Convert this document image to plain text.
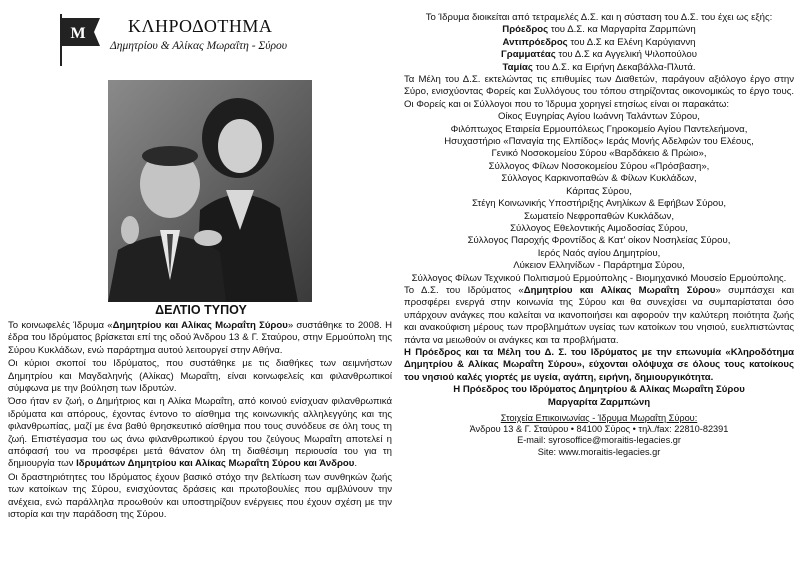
Μ ΚΛΗΡΟΔΟΤΗΜΑ
Δημητρίου & Αλίκας Μωραΐτη - Σύρου
ΔΕΛΤΙΟ ΤΥΠΟΥ

Το κοινωφελές Ίδρυμα «Δημητρίου και Αλίκας Μωραΐτη Σύρου» συστάθηκε το 2008. Η έδρα του Ιδρύματος βρίσκεται επί της οδού Άνδρου 13 & Γ. Σταύρου, στην Ερμούπολη της Σύρου Κυκλάδων, ενώ παράρτημα αυτού λειτουργεί στην Αθήνα.

Οι κύριοι σκοποί του Ιδρύματος, που συστάθηκε με τις διαθήκες των αειμνήστων Δημητρίου και Μαγδαληνής (Αλίκας) Μωραΐτη, είναι κοινωφελείς και φιλανθρωπικοί σύμφωνα με την βούληση των Ιδρυτών.

Όσο ήταν εν ζωή, ο Δημήτριος και η Αλίκα Μωραΐτη, από κοινού ενίσχυαν φιλανθρωπικά ιδρύματα και απόρους, έχοντας έντονο το αίσθημα της κοινωνικής αλληλεγγύης και της φιλανθρωπίας, μαζί με ένα βαθύ θρησκευτικό αίσθημα που τους συνόδευε σε όλη τους τη ζωή. Επιστέγασμα του ως άνω φιλανθρωπικού έργου του ζεύγους Μωραΐτη αποτελεί η απόφασή του να προσφέρει μετά θάνατον όλη τη διαθέσιμη περιουσία του για τη δημιουργία των Ιδρυμάτων Δημητρίου και Αλίκας Μωραΐτη Σύρου και Άνδρου.

Οι δραστηριότητες του Ιδρύματος έχουν βασικό στόχο την βελτίωση των συνθηκών ζωής των κατοίκων της Σύρου, ενισχύοντας δράσεις και πρωτοβουλίες που αμβλύνουν την ανέχεια, ενώ παράλληλα προωθούν και υποστηρίζουν ενέργειες που έχουν σχέση με την ιστορία και την παράδοση της Σύρου.

Το Ίδρυμα διοικείται από τετραμελές Δ.Σ. και η σύσταση του Δ.Σ. του έχει ως εξής:

Πρόεδρος του Δ.Σ. κα Μαργαρίτα Ζαρμπώνη

Αντιπρόεδρος του Δ.Σ κα Ελένη Καρύγιαννη

Γραμματέας του Δ.Σ κα Αγγελική Ψιλοπούλου

Ταμίας του Δ.Σ. κα Ειρήνη Δεκαβάλλα-Πλυτά.

Τα Μέλη του Δ.Σ. εκτελώντας τις επιθυμίες των Διαθετών, παράγουν αξιόλογο έργο στην Σύρο, ενισχύοντας Φορείς και Συλλόγους του τόπου στηρίζοντας οικονομικώς το έργο τους. Οι Φορείς και οι Σύλλογοι που το Ίδρυμα χορηγεί ετησίως είναι οι παρακάτω:

Οίκος Ευγηρίας Αγίου Ιωάννη Ταλάντων Σύρου,

Φιλόπτωχος Εταιρεία Ερμουπόλεως Γηροκομείο Αγίου Παντελεήμονα,

Ησυχαστήριο «Παναγία της Ελπίδος» Ιεράς Μονής Αδελφών του Ελέους,

Γενικό Νοσοκομείου Σύρου «Βαρδάκειο & Πρώιο»,

Σύλλογος Φίλων Νοσοκομείου Σύρου «Πρόσβαση»,

Σύλλογος Καρκινοπαθών & Φίλων Κυκλάδων,

Κάριτας Σύρου,

Στέγη Κοινωνικής Υποστήριξης Ανηλίκων & Εφήβων Σύρου,

Σωματείο Νεφροπαθών Κυκλάδων,

Σύλλογος Εθελοντικής Αιμοδοσίας Σύρου,

Σύλλογος Παροχής Φροντίδος & Κατ' οίκον Νοσηλείας Σύρου,

Ιερός Ναός αγίου Δημητρίου,

Λύκειον Ελληνίδων - Παράρτημα Σύρου,

Σύλλογος Φίλων Τεχνικού Πολιτισμού Ερμούπολης - Βιομηχανικό Μουσείο Ερμούπολης.

Το Δ.Σ. του Ιδρύματος «Δημητρίου και Αλίκας Μωραΐτη Σύρου» συμπάσχει και προσφέρει ενεργά στην κοινωνία της Σύρου και θα συνεχίσει να συμπαρίσταται όσο υπάρχουν ανάγκες που καλείται να ικανοποιήσει και αφορούν την καλύτερη ποιότητα ζωής και ανακούφιση μέρους των προβλημάτων υγείας των κατοίκων του νησιού, ευελπιστώντας πάντα να μειωθούν οι ανάγκες και τα προβλήματα.

Η Πρόεδρος και τα Μέλη του Δ. Σ. του Ιδρύματος με την επωνυμία «Κληροδότημα Δημητρίου & Αλίκας Μωραΐτη Σύρου», εύχονται ολόψυχα σε όλους τους κατοίκους του νησιού καλές γιορτές με υγεία, αγάπη, ειρήνη, δημιουργικότητα.

Η Πρόεδρος του Ιδρύματος Δημητρίου & Αλίκας Μωραΐτη Σύρου

Μαργαρίτα Ζαρμπώνη

Στοιχεία Επικοινωνίας - Ίδρυμα Μωραΐτη Σύρου:
Άνδρου 13 & Γ. Σταύρου • 84100 Σύρος • τηλ./fax: 22810-82391
E-mail: syrosoffice@moraitis-legacies.gr
Site: www.moraitis-legacies.gr
